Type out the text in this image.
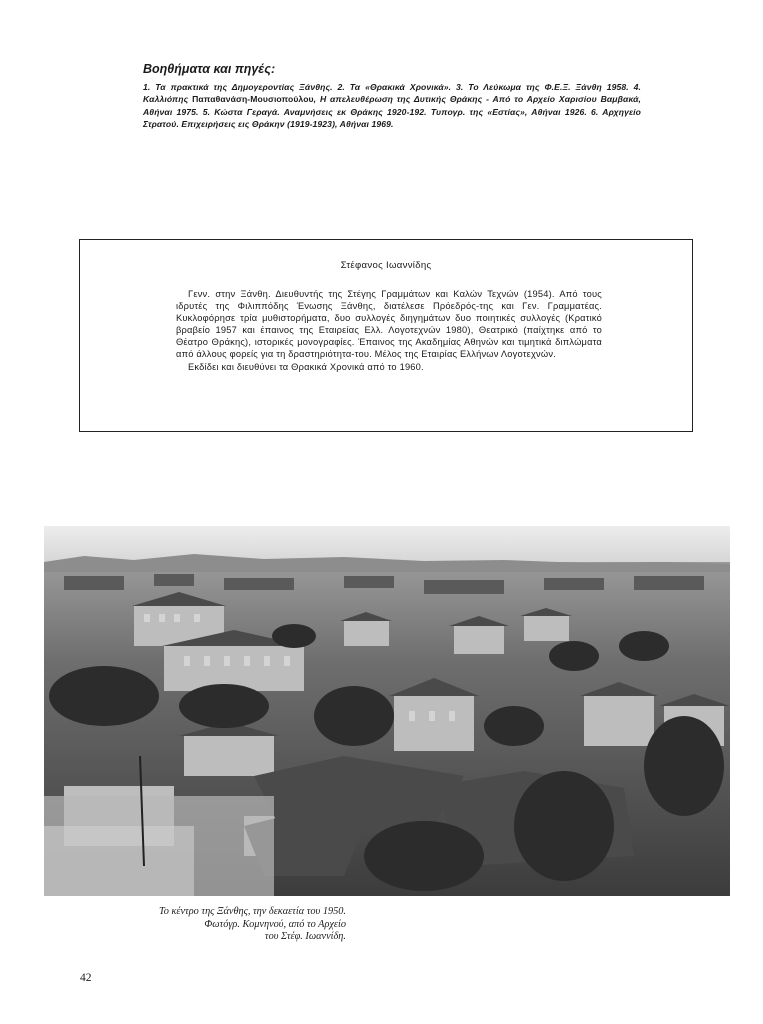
Βοηθήματα και πηγές:

1. Τα πρακτικά της Δημογεροντίας Ξάνθης. 2. Τα «Θρακικά Χρονικά». 3. Το Λεύκωμα της Φ.Ε.Ξ. Ξάνθη 1958. 4. Καλλιόπης Παπαθανάση-Μουσιοπούλου, Η απελευθέρωση της Δυτικής Θράκης - Από το Αρχείο Χαρισίου Βαμβακά, Αθήναι 1975. 5. Κώστα Γεραγά. Αναμνήσεις εκ Θράκης 1920-192. Τυπογρ. της «Εστίας», Αθήναι 1926. 6. Αρχηγείο Στρατού. Επιχειρήσεις εις Θράκην (1919-1923), Αθήναι 1969.

Στέφανος Ιωαννίδης

Γενν. στην Ξάνθη. Διευθυντής της Στέγης Γραμμάτων και Καλών Τεχνών (1954). Από τους ιδρυτές της Φιλιππόδης Ένωσης Ξάνθης, διατέλεσε Πρόεδρός-της και Γεν. Γραμματέας. Κυκλοφόρησε τρία μυθιστορήματα, δυο συλλογές διηγημάτων δυο ποιητικές συλλογές (Κρατικό βραβείο 1957 και έπαινος της Εταιρείας Ελλ. Λογοτεχνών 1980), Θεατρικό (παίχτηκε από το Θέατρο Θράκης), ιστορικές μονογραφίες. Έπαινος της Ακαδημίας Αθηνών και τιμητικά διπλώματα από άλλους φορείς για τη δραστηριότητα-του. Μέλος της Εταιρίας Ελλήνων Λογοτεχνών.

Εκδίδει και διευθύνει τα Θρακικά Χρονικά από το 1960.

Το κέντρο της Ξάνθης, την δεκαετία του 1950.
Φωτόγρ. Κομνηνού, από το Αρχείο
του Στέφ. Ιωαννίδη.
42
